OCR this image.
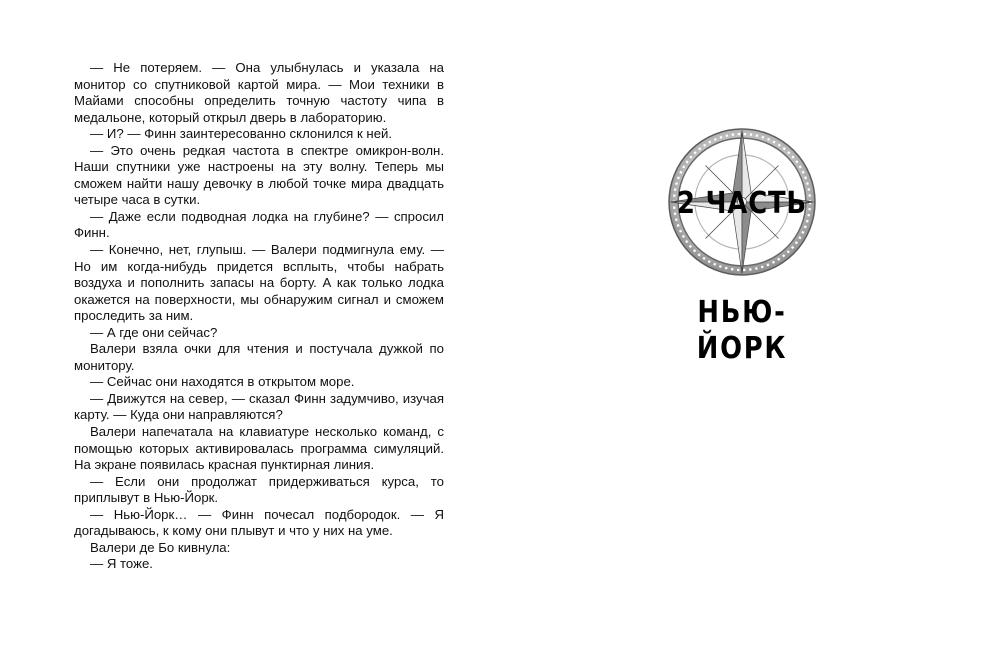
— Не потеряем. — Она улыбнулась и указала на монитор со спутниковой картой мира. — Мои техники в Майами способны определить точную частоту чипа в медальоне, который открыл дверь в лабораторию.

— И? — Финн заинтересованно склонился к ней.

— Это очень редкая частота в спектре омикрон-волн. Наши спутники уже настроены на эту волну. Теперь мы сможем найти нашу девочку в любой точке мира двадцать четыре часа в сутки.

— Даже если подводная лодка на глубине? — спросил Финн.

— Конечно, нет, глупыш. — Валери подмигнула ему. — Но им когда-нибудь придется всплыть, чтобы набрать воздуха и пополнить запасы на борту. А как только лодка окажется на поверхности, мы обнаружим сигнал и сможем проследить за ним.

— А где они сейчас?

Валери взяла очки для чтения и постучала дужкой по монитору.

— Сейчас они находятся в открытом море.

— Движутся на север, — сказал Финн задумчиво, изучая карту. — Куда они направляются?

Валери напечатала на клавиатуре несколько команд, с помощью которых активировалась программа симуляций. На экране появилась красная пунктирная линия.

— Если они продолжат придерживаться курса, то приплывут в Нью-Йорк.

— Нью-Йорк… — Финн почесал подбородок. — Я догадываюсь, к кому они плывут и что у них на уме.

Валери де Бо кивнула:

— Я тоже.

2 ЧАСТЬ
НЬЮ-ЙОРК
